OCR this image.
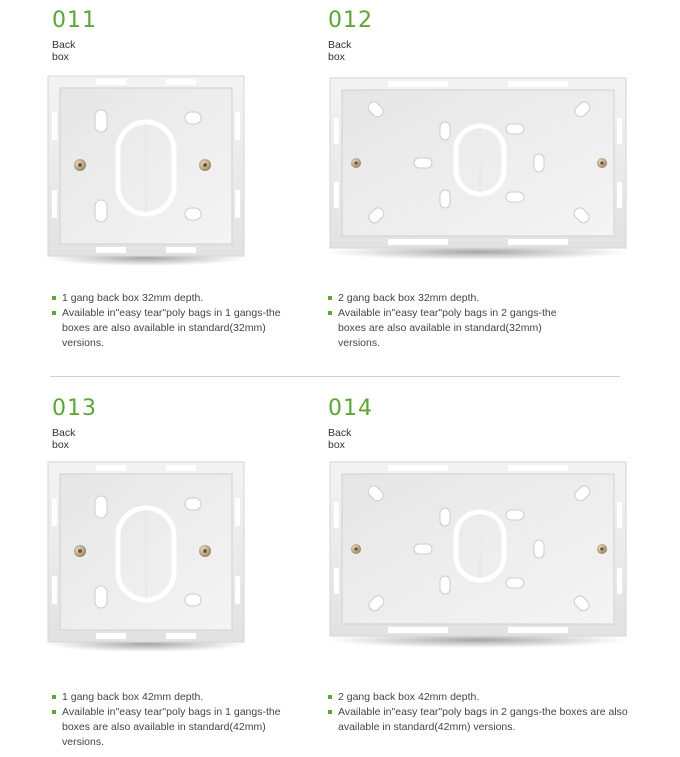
011
Back box
1 gang back box 32mm depth.
Available in"easy tear"poly bags in 1 gangs-the boxes are also available in standard(32mm) versions.
012
Back box
2 gang back box 32mm depth.
Available in"easy tear"poly bags in 2 gangs-the boxes are also available in standard(32mm) versions.
013
Back box
1 gang back box 42mm depth.
Available in"easy tear"poly bags in 1 gangs-the boxes are also available in standard(42mm) versions.
014
Back box
2 gang back box 42mm depth.
Available in"easy tear"poly bags in 2 gangs-the boxes are also available in standard(42mm) versions.
